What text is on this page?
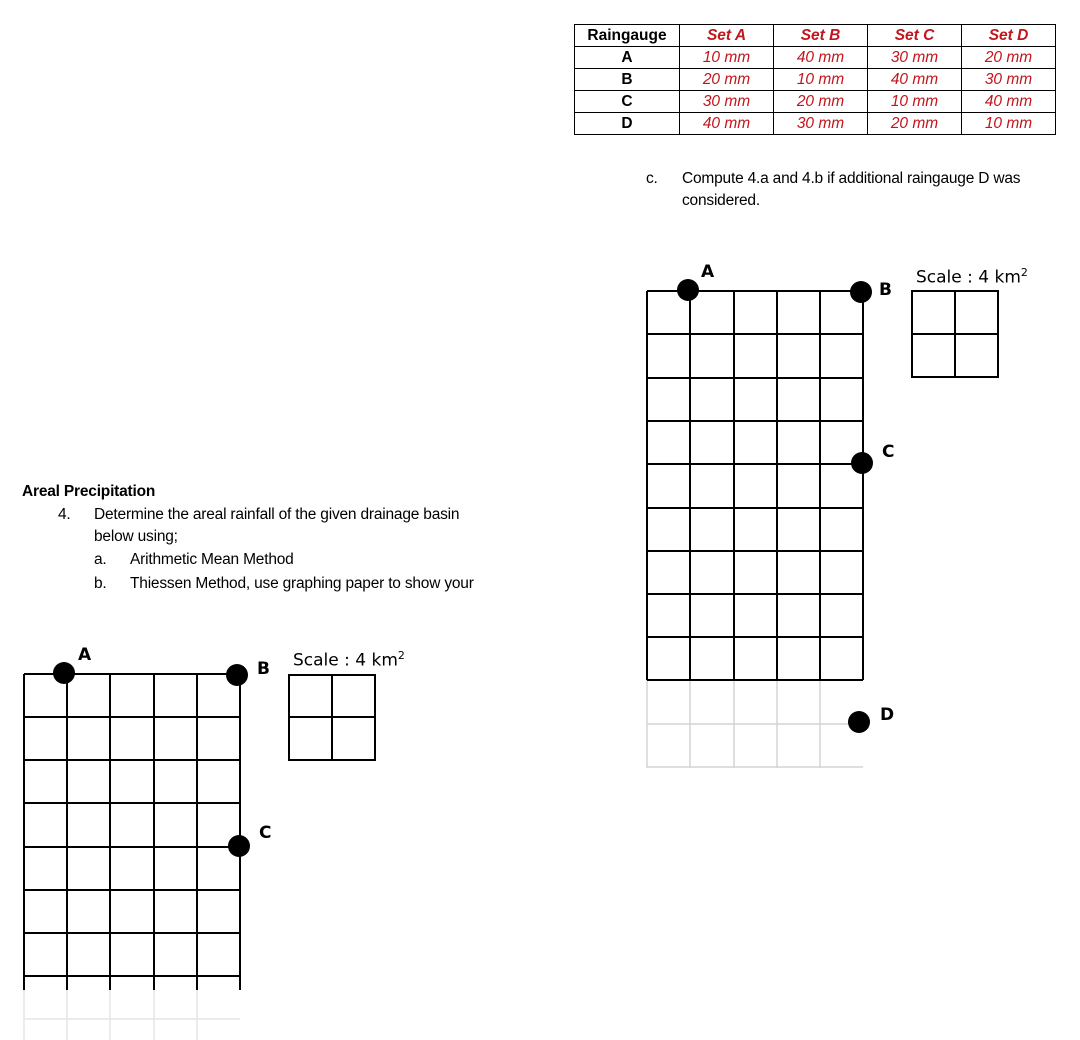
Raingauge	Set A	Set B	Set C	Set D
A	10 mm	40 mm	30 mm	20 mm
B	20 mm	10 mm	40 mm	30 mm
C	30 mm	20 mm	10 mm	40 mm
D	40 mm	30 mm	20 mm	10 mm
c. Compute 4.a and 4.b if additional raingauge D was
considered.
Areal Precipitation
4. Determine the areal rainfall of the given drainage basin
below using;
a. Arithmetic Mean Method
b. Thiessen Method, use graphing paper to show your
A
B
C
D
Scale : 4 $km^2$
A
B
C
Scale : 4 $km^2$
